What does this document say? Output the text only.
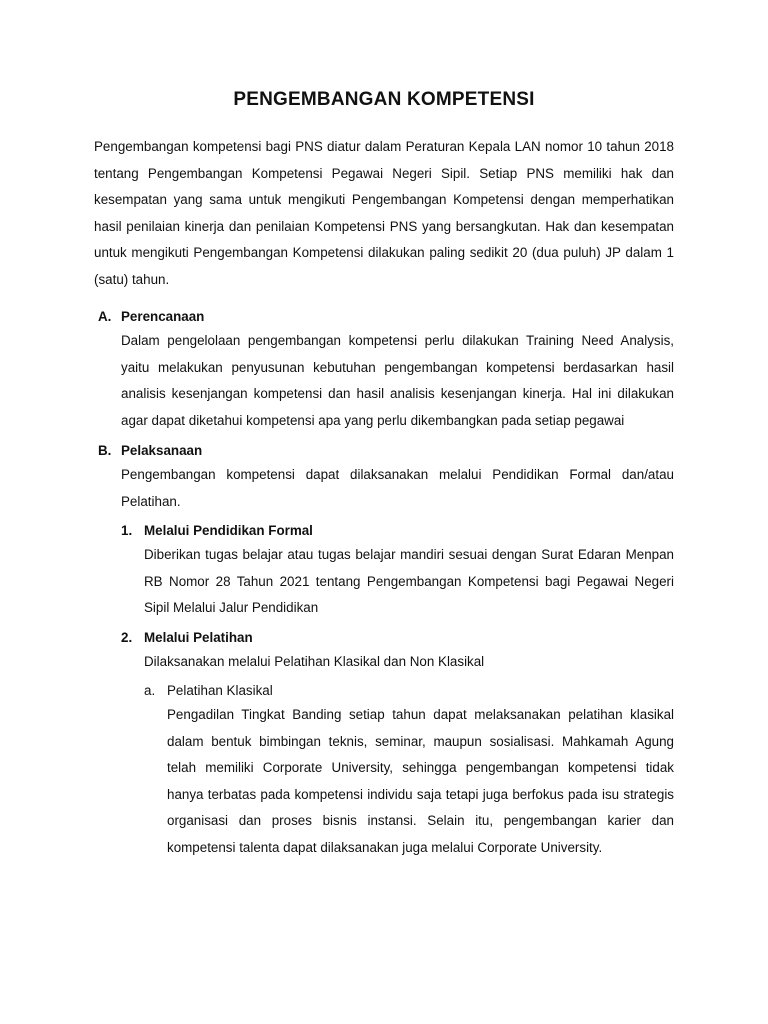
PENGEMBANGAN KOMPETENSI

Pengembangan kompetensi bagi PNS diatur dalam Peraturan Kepala LAN nomor 10 tahun 2018 tentang Pengembangan Kompetensi Pegawai Negeri Sipil. Setiap PNS memiliki hak dan kesempatan yang sama untuk mengikuti Pengembangan Kompetensi dengan memperhatikan hasil penilaian kinerja dan penilaian Kompetensi PNS yang bersangkutan. Hak dan kesempatan untuk mengikuti Pengembangan Kompetensi dilakukan paling sedikit 20 (dua puluh) JP dalam 1 (satu) tahun.

A. Perencanaan

Dalam pengelolaan pengembangan kompetensi perlu dilakukan Training Need Analysis, yaitu melakukan penyusunan kebutuhan pengembangan kompetensi berdasarkan hasil analisis kesenjangan kompetensi dan hasil analisis kesenjangan kinerja. Hal ini dilakukan agar dapat diketahui kompetensi apa yang perlu dikembangkan pada setiap pegawai

B. Pelaksanaan

Pengembangan kompetensi dapat dilaksanakan melalui Pendidikan Formal dan/atau Pelatihan.

1. Melalui Pendidikan Formal

Diberikan tugas belajar atau tugas belajar mandiri sesuai dengan Surat Edaran Menpan RB Nomor 28 Tahun 2021 tentang Pengembangan Kompetensi bagi Pegawai Negeri Sipil Melalui Jalur Pendidikan

2. Melalui Pelatihan

Dilaksanakan melalui Pelatihan Klasikal dan Non Klasikal

a. Pelatihan Klasikal

Pengadilan Tingkat Banding setiap tahun dapat melaksanakan pelatihan klasikal dalam bentuk bimbingan teknis, seminar, maupun sosialisasi. Mahkamah Agung telah memiliki Corporate University, sehingga pengembangan kompetensi tidak hanya terbatas pada kompetensi individu saja tetapi juga berfokus pada isu strategis organisasi dan proses bisnis instansi. Selain itu, pengembangan karier dan kompetensi talenta dapat dilaksanakan juga melalui Corporate University.
